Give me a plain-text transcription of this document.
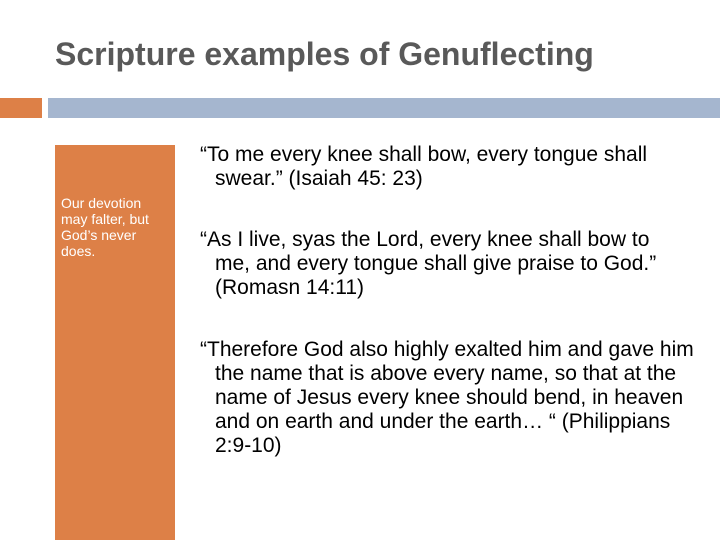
Scripture examples of Genuflecting
Our devotion may falter, but God’s never does.

“To me every knee shall bow, every tongue shall swear.” (Isaiah 45: 23)

“As I live, syas the Lord, every knee shall bow to me, and every tongue shall give praise to God.” (Romasn 14:11)

“Therefore God also highly exalted him and gave him the name that is above every name, so that at the name of Jesus every knee should bend, in heaven and on earth and under the earth… “ (Philippians 2:9-10)
